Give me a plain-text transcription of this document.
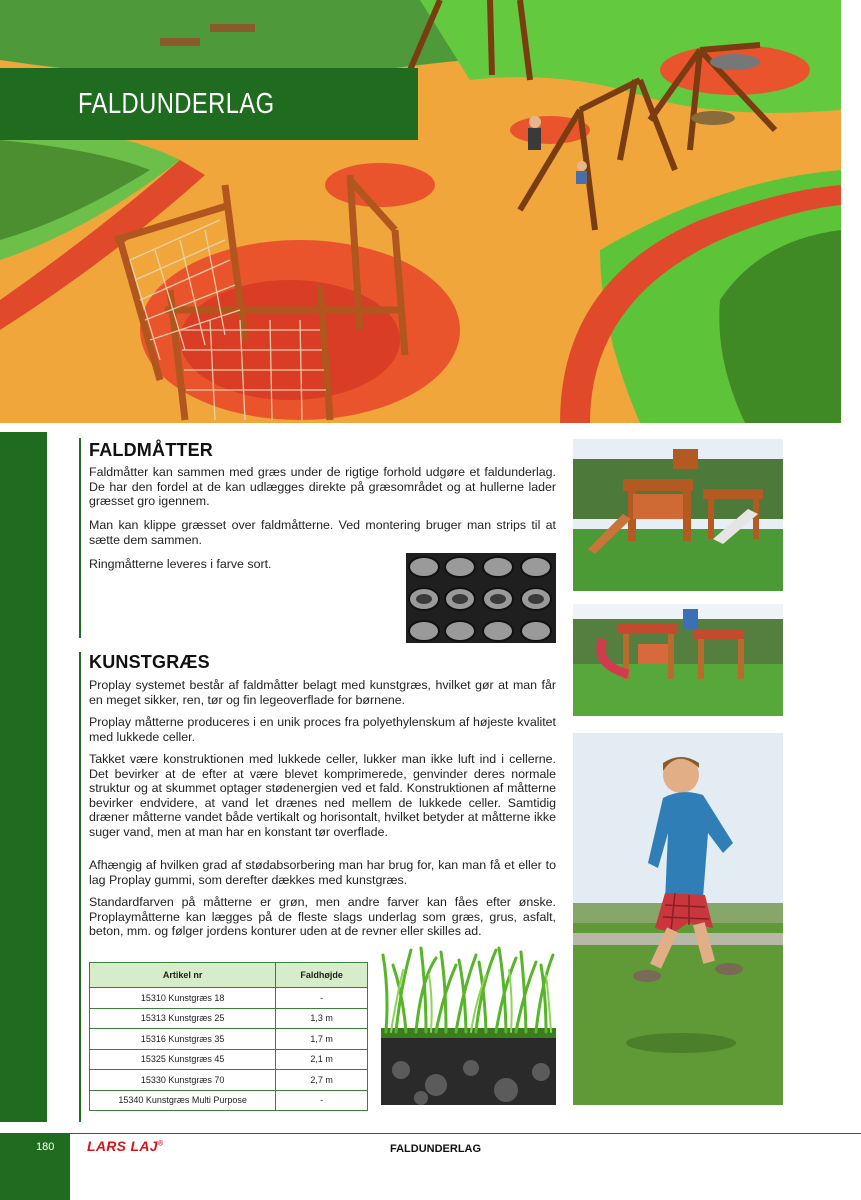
FALDUNDERLAG
FALDMÅTTER

Faldmåtter kan sammen med græs under de rigtige forhold udgøre et faldunderlag. De har den fordel at de kan udlægges direkte på græsområdet og at hullerne lader græsset gro igennem.

Man kan klippe græsset over faldmåtterne. Ved montering bruger man strips til at sætte dem sammen.

Ringmåtterne leveres i farve sort.

KUNSTGRÆS

Proplay systemet består af faldmåtter belagt med kunstgræs, hvilket gør at man får en meget sikker, ren, tør og fin legeoverflade for børnene.

Proplay måtterne produceres i en unik proces fra polyethylenskum af højeste kvalitet med lukkede celler.

Takket være konstruktionen med lukkede celler, lukker man ikke luft ind i cellerne. Det bevirker at de efter at være blevet komprimerede, genvinder deres normale struktur og at skummet optager stødenergien ved et fald. Konstruktionen af måtterne bevirker endvidere, at vand let drænes ned mellem de lukkede celler. Samtidig dræner måtterne vandet både vertikalt og horisontalt, hvilket betyder at måtterne ikke suger vand, men at man har en konstant tør overflade.

Afhængig af hvilken grad af stødabsorbering man har brug for, kan man få et eller to lag Proplay gummi, som derefter dækkes med kunstgræs.

Standardfarven på måtterne er grøn, men andre farver kan fåes efter ønske. Proplaymåtterne kan lægges på de fleste slags underlag som græs, grus, asfalt, beton, mm. og følger jordens konturer uden at de revner eller skilles ad.

Artikel nr	Faldhøjde
15310 Kunstgræs 18	-
15313 Kunstgræs 25	1,3 m
15316 Kunstgræs 35	1,7 m
15325 Kunstgræs 45	2,1 m
15330 Kunstgræs 70	2,7 m
15340 Kunstgræs Multi Purpose	-
180 LARS LAJ®	FALDUNDERLAG
